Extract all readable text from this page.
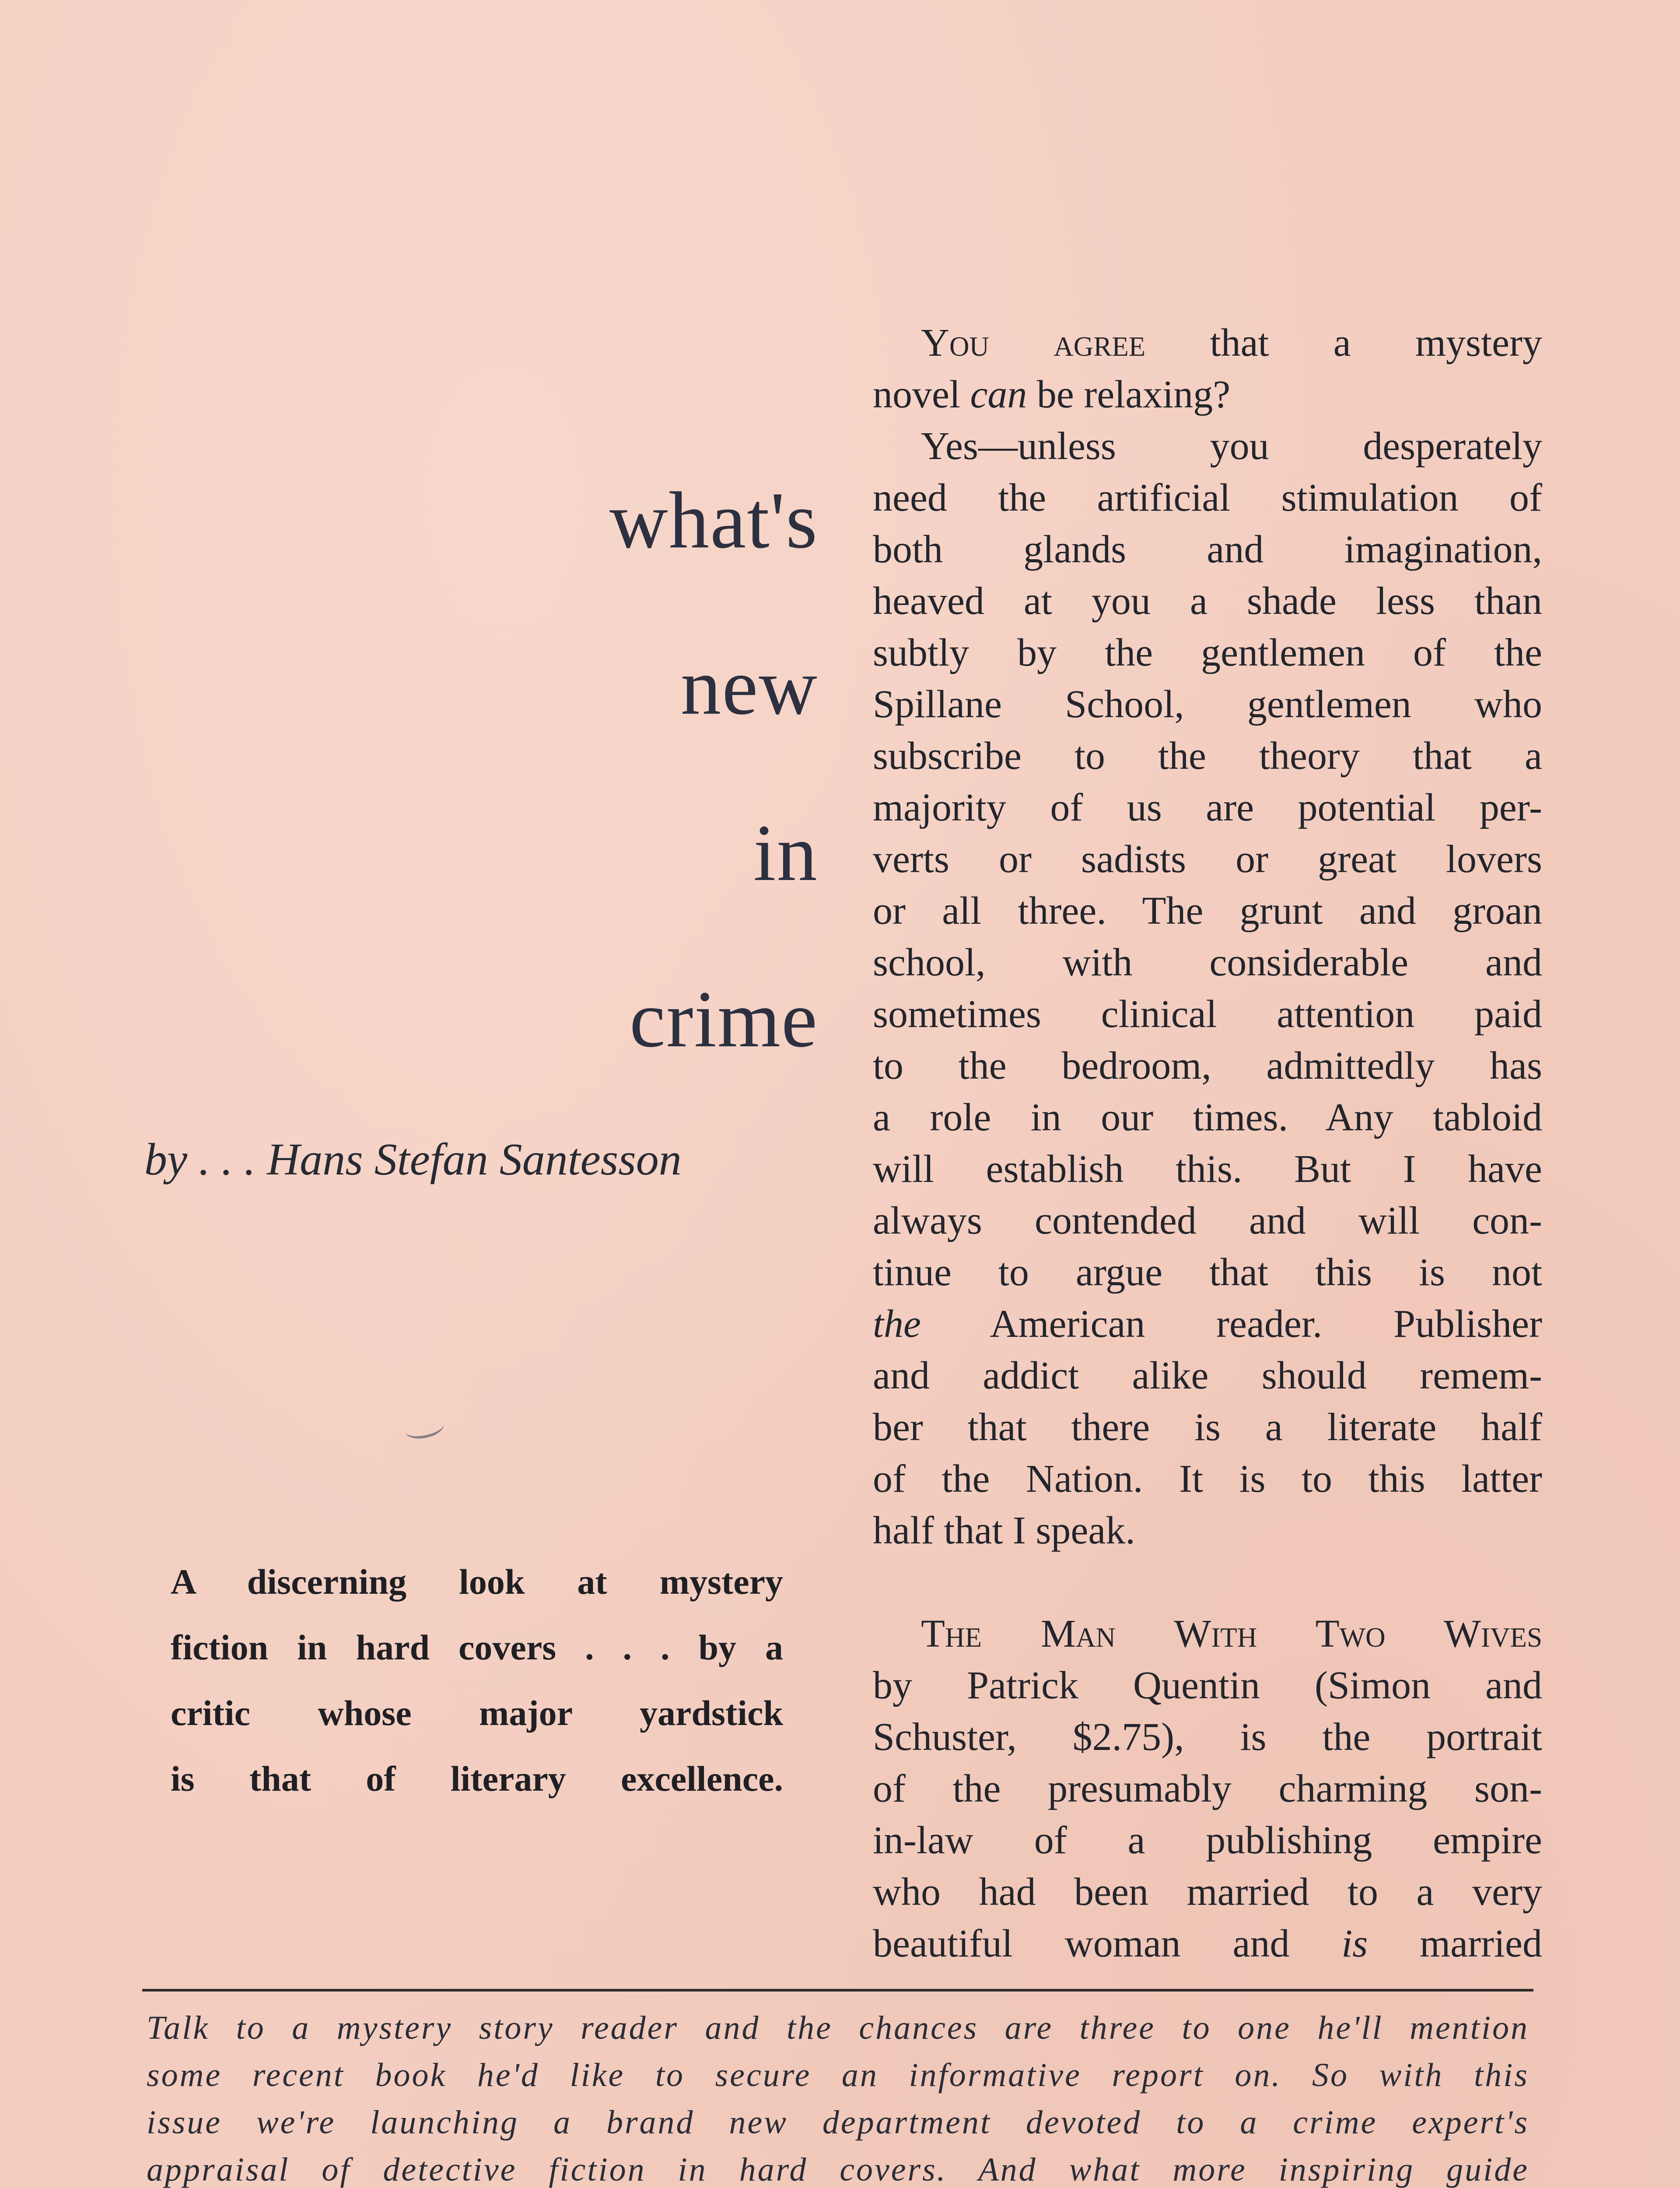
what's
new
in
crime
by . . . Hans Stefan Santesson
A discerning look at mystery
fiction in hard covers . . . by a
critic whose major yardstick
is that of literary excellence.
You agree that a mystery
novel can be relaxing?
Yes—unless you desperately
need the artificial stimulation of
both glands and imagination,
heaved at you a shade less than
subtly by the gentlemen of the
Spillane School, gentlemen who
subscribe to the theory that a
majority of us are potential per-
verts or sadists or great lovers
or all three. The grunt and groan
school, with considerable and
sometimes clinical attention paid
to the bedroom, admittedly has
a role in our times. Any tabloid
will establish this. But I have
always contended and will con-
tinue to argue that this is not
the American reader. Publisher
and addict alike should remem-
ber that there is a literate half
of the Nation. It is to this latter
half that I speak.
The Man With Two Wives
by Patrick Quentin (Simon and
Schuster, $2.75), is the portrait
of the presumably charming son-
in-law of a publishing empire
who had been married to a very
beautiful woman and is married
Talk to a mystery story reader and the chances are three to one he'll mention
some recent book he'd like to secure an informative report on. So with this
issue we're launching a brand new department devoted to a crime expert's
appraisal of detective fiction in hard covers. And what more inspiring guide
